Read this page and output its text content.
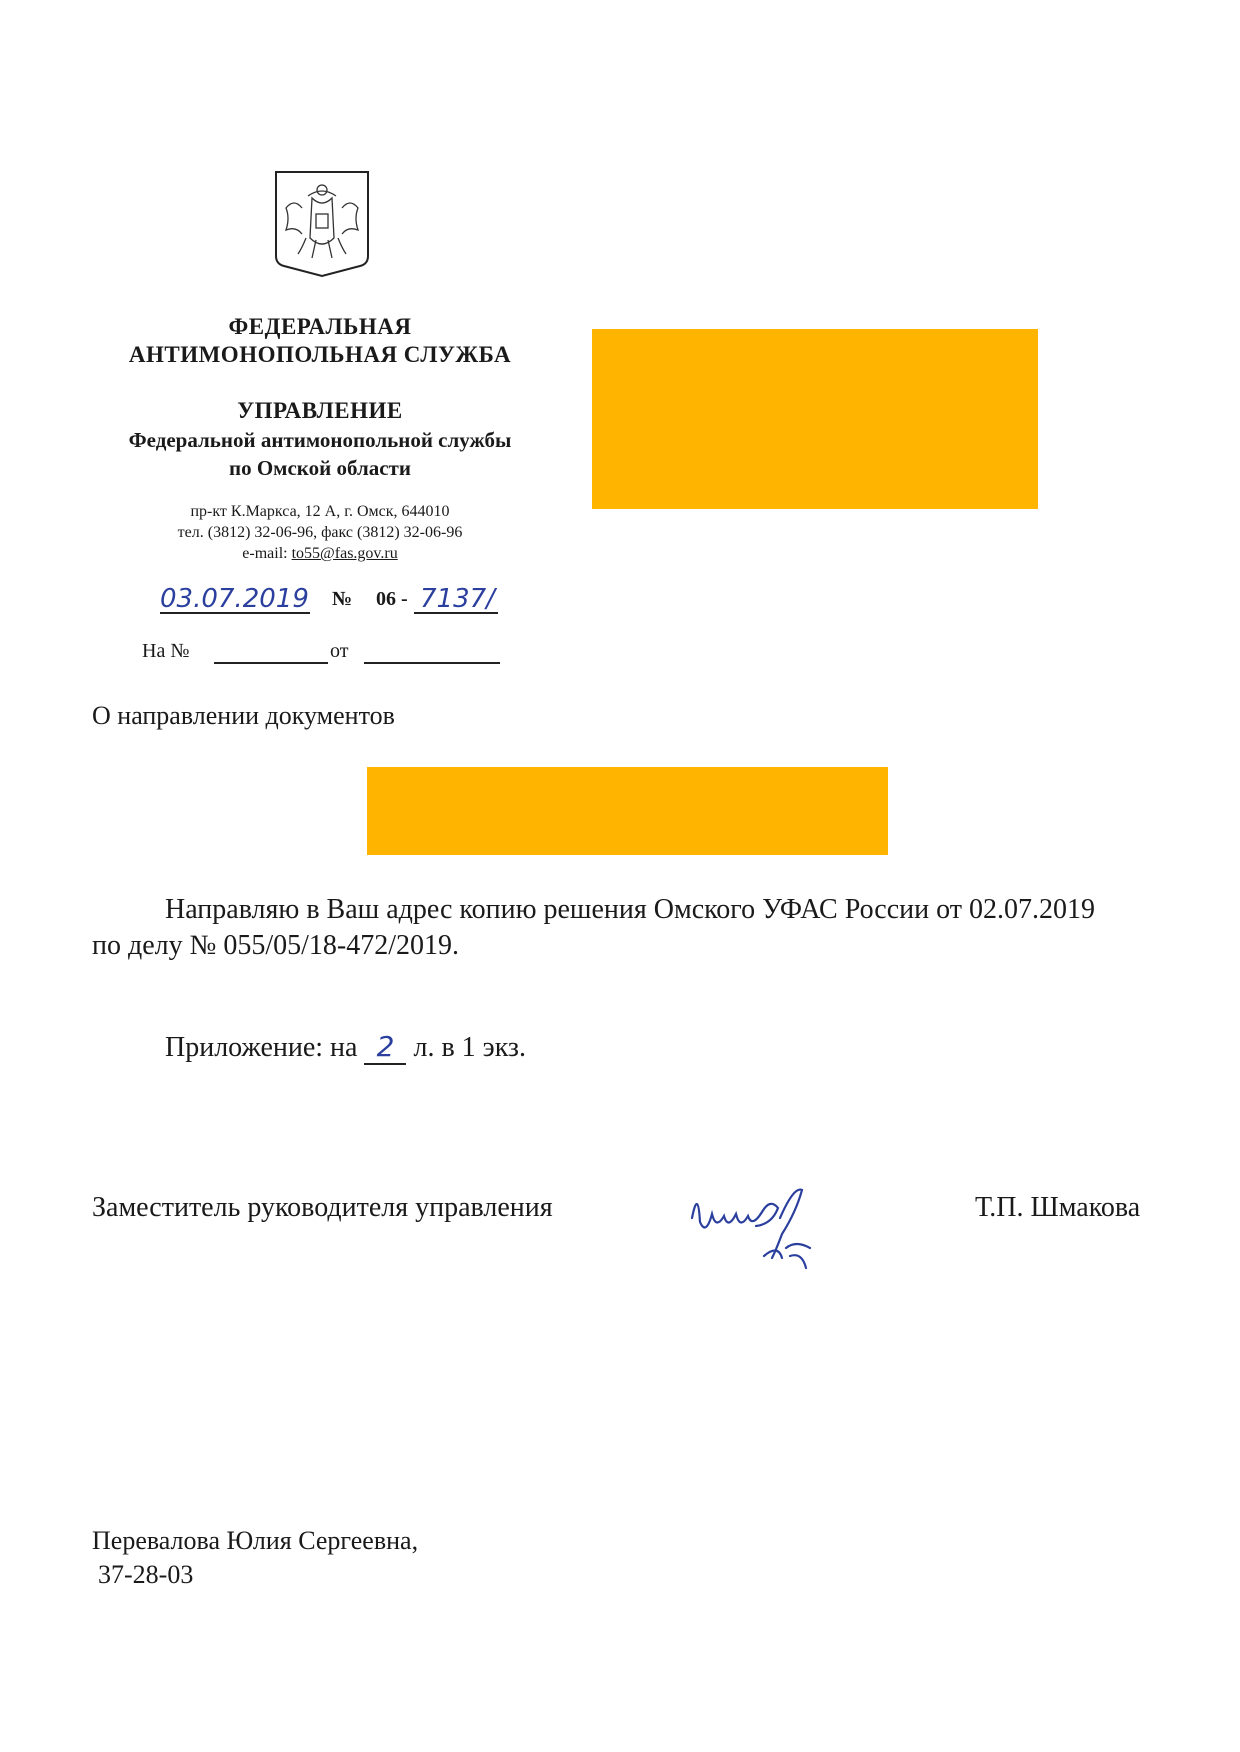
ФЕДЕРАЛЬНАЯ
АНТИМОНОПОЛЬНАЯ СЛУЖБА
УПРАВЛЕНИЕ
Федеральной антимонопольной службы
по Омской области
пр-кт К.Маркса, 12 А, г. Омск, 644010
тел. (3812) 32-06-96, факс (3812) 32-06-96
e-mail: to55@fas.gov.ru
03.07.2019 № 06 - 7137/
На №	от
О направлении документов
Направляю в Ваш адрес копию решения Омского УФАС России от 02.07.2019
по делу № 055/05/18-472/2019.
Приложение: на 2 л. в 1 экз.
Заместитель руководителя управления	Т.П. Шмакова
Перевалова Юлия Сергеевна,
37-28-03
